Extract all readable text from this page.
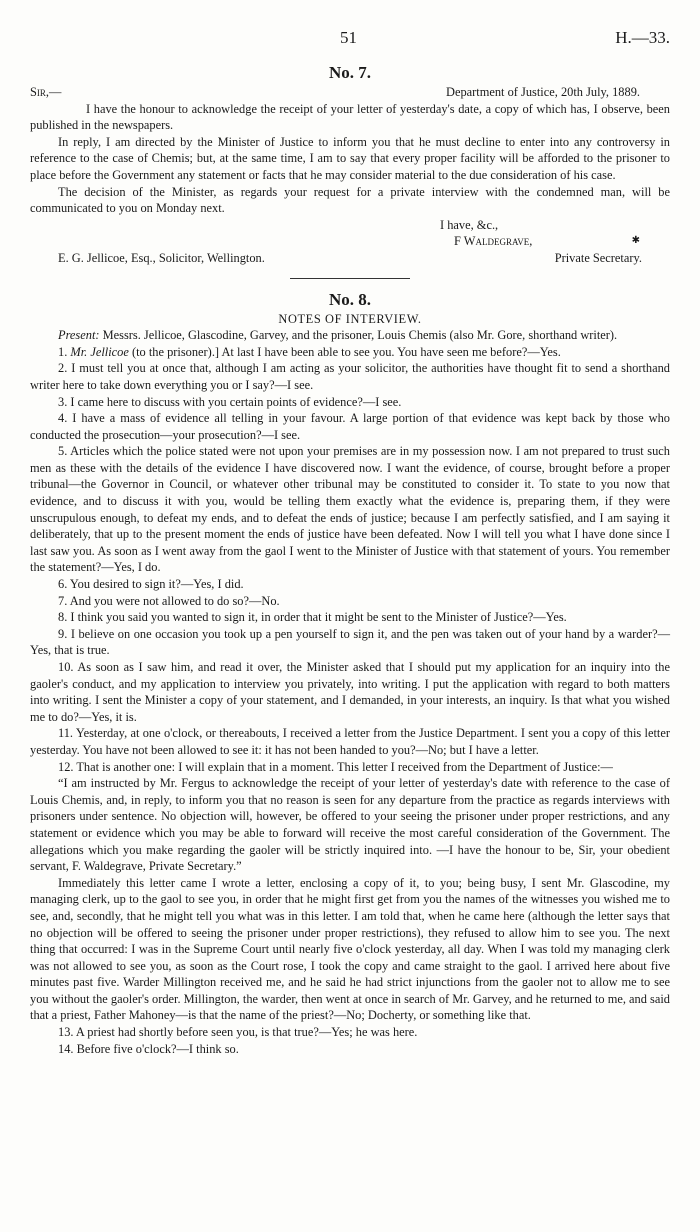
51	H.—33.
No. 7.
Sir,—	Department of Justice, 20th July, 1889.

I have the honour to acknowledge the receipt of your letter of yesterday's date, a copy of which has, I observe, been published in the newspapers.

In reply, I am directed by the Minister of Justice to inform you that he must decline to enter into any controversy in reference to the case of Chemis; but, at the same time, I am to say that every proper facility will be afforded to the prisoner to place before the Government any statement or facts that he may consider material to the due consideration of his case.

The decision of the Minister, as regards your request for a private interview with the condemned man, will be communicated to you on Monday next.

I have, &c.,
F Waldegrave,	✱
E. G. Jellicoe, Esq., Solicitor, Wellington.	Private Secretary.
No. 8.
NOTES OF INTERVIEW.

Present: Messrs. Jellicoe, Glascodine, Garvey, and the prisoner, Louis Chemis (also Mr. Gore, shorthand writer).

1. Mr. Jellicoe (to the prisoner).] At last I have been able to see you. You have seen me before?—Yes.

2. I must tell you at once that, although I am acting as your solicitor, the authorities have thought fit to send a shorthand writer here to take down everything you or I say?—I see.

3. I came here to discuss with you certain points of evidence?—I see.

4. I have a mass of evidence all telling in your favour. A large portion of that evidence was kept back by those who conducted the prosecution—your prosecution?—I see.

5. Articles which the police stated were not upon your premises are in my possession now. I am not prepared to trust such men as these with the details of the evidence I have discovered now. I want the evidence, of course, brought before a proper tribunal—the Governor in Council, or whatever other tribunal may be constituted to consider it. To state to you now that evidence, and to discuss it with you, would be telling them exactly what the evidence is, preparing them, if they were unscrupulous enough, to defeat my ends, and to defeat the ends of justice; because I am perfectly satisfied, and I am saying it deliberately, that up to the present moment the ends of justice have been defeated. Now I will tell you what I have done since I last saw you. As soon as I went away from the gaol I went to the Minister of Justice with that statement of yours. You remember the statement?—Yes, I do.

6. You desired to sign it?—Yes, I did.

7. And you were not allowed to do so?—No.

8. I think you said you wanted to sign it, in order that it might be sent to the Minister of Justice?—Yes.

9. I believe on one occasion you took up a pen yourself to sign it, and the pen was taken out of your hand by a warder?—Yes, that is true.

10. As soon as I saw him, and read it over, the Minister asked that I should put my application for an inquiry into the gaoler's conduct, and my application to interview you privately, into writing. I put the application with regard to both matters into writing. I sent the Minister a copy of your statement, and I demanded, in your interests, an inquiry. Is that what you wished me to do?—Yes, it is.

11. Yesterday, at one o'clock, or thereabouts, I received a letter from the Justice Department. I sent you a copy of this letter yesterday. You have not been allowed to see it: it has not been handed to you?—No; but I have a letter.

12. That is another one: I will explain that in a moment. This letter I received from the Department of Justice:—

“I am instructed by Mr. Fergus to acknowledge the receipt of your letter of yesterday's date with reference to the case of Louis Chemis, and, in reply, to inform you that no reason is seen for any departure from the practice as regards interviews with prisoners under sentence. No objection will, however, be offered to your seeing the prisoner under proper restrictions, and any statement or evidence which you may be able to forward will receive the most careful consideration of the Government. The allegations which you make regarding the gaoler will be strictly inquired into. —I have the honour to be, Sir, your obedient servant, F. Waldegrave, Private Secretary.”

Immediately this letter came I wrote a letter, enclosing a copy of it, to you; being busy, I sent Mr. Glascodine, my managing clerk, up to the gaol to see you, in order that he might first get from you the names of the witnesses you wished me to see, and, secondly, that he might tell you what was in this letter. I am told that, when he came here (although the letter says that no objection will be offered to seeing the prisoner under proper restrictions), they refused to allow him to see you. The next thing that occurred: I was in the Supreme Court until nearly five o'clock yesterday, all day. When I was told my managing clerk was not allowed to see you, as soon as the Court rose, I took the copy and came straight to the gaol. I arrived here about five minutes past five. Warder Millington received me, and he said he had strict injunctions from the gaoler not to allow me to see you without the gaoler's order. Millington, the warder, then went at once in search of Mr. Garvey, and he returned to me, and said that a priest, Father Mahoney—is that the name of the priest?—No; Docherty, or something like that.

13. A priest had shortly before seen you, is that true?—Yes; he was here.

14. Before five o'clock?—I think so.
